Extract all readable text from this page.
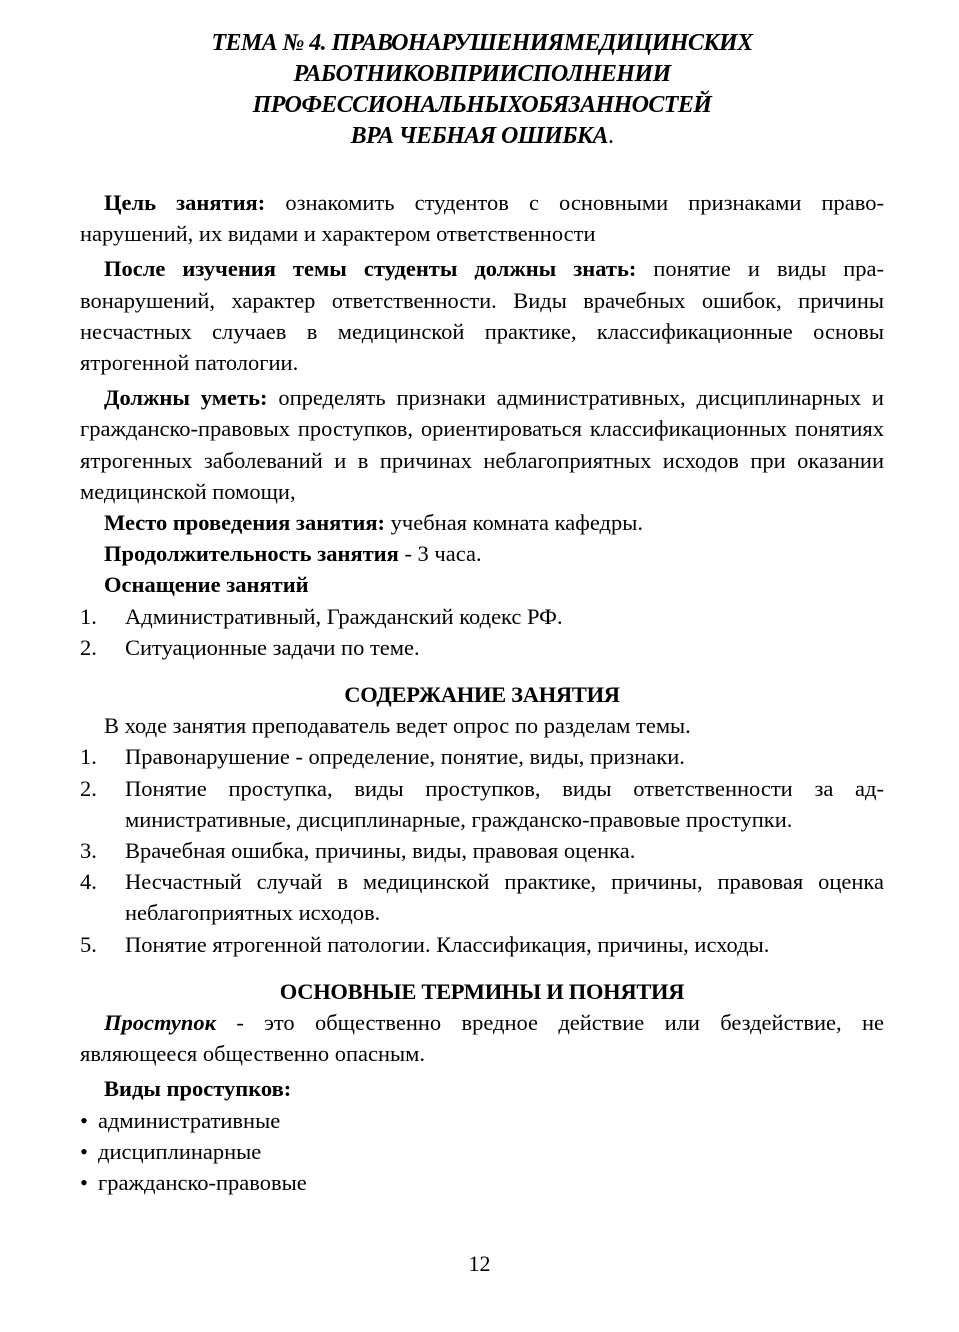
ТЕМА № 4. ПРАВОНАРУШЕНИЯМЕДИЦИНСКИХ
РАБОТНИКОВПРИИСПОЛНЕНИИ
ПРОФЕССИОНАЛЬНЫХОБЯЗАННОСТЕЙ
ВРА ЧЕБНАЯ ОШИБКА.

Цель занятия: ознакомить студентов с основными признаками правонарушений, их видами и характером ответственности

После изучения темы студенты должны знать: понятие и виды правонарушений, характер ответственности. Виды врачебных ошибок, причины несчастных случаев в медицинской практике, классификационные основы ятрогенной патологии.

Должны уметь: определять признаки административных, дисциплинарных и гражданско-правовых проступков, ориентироваться классификационных понятиях ятрогенных заболеваний и в причинах неблагоприятных исходов при оказании медицинской помощи,

Место проведения занятия: учебная комната кафедры.

Продолжительность занятия - 3 часа.

Оснащение занятий

1. Административный, Гражданский кодекс РФ.
2. Ситуационные задачи по теме.

СОДЕРЖАНИЕ ЗАНЯТИЯ

В ходе занятия преподаватель ведет опрос по разделам темы.

1. Правонарушение - определение, понятие, виды, признаки.
2. Понятие проступка, виды проступков, виды ответственности за административные, дисциплинарные, гражданско-правовые проступки.
3. Врачебная ошибка, причины, виды, правовая оценка.
4. Несчастный случай в медицинской практике, причины, правовая оценка неблагоприятных исходов.
5. Понятие ятрогенной патологии. Классификация, причины, исходы.

ОСНОВНЫЕ ТЕРМИНЫ И ПОНЯТИЯ

Проступок - это общественно вредное действие или бездействие, не являющееся общественно опасным.

Виды проступков:

• административные
• дисциплинарные
• гражданско-правовые
12
